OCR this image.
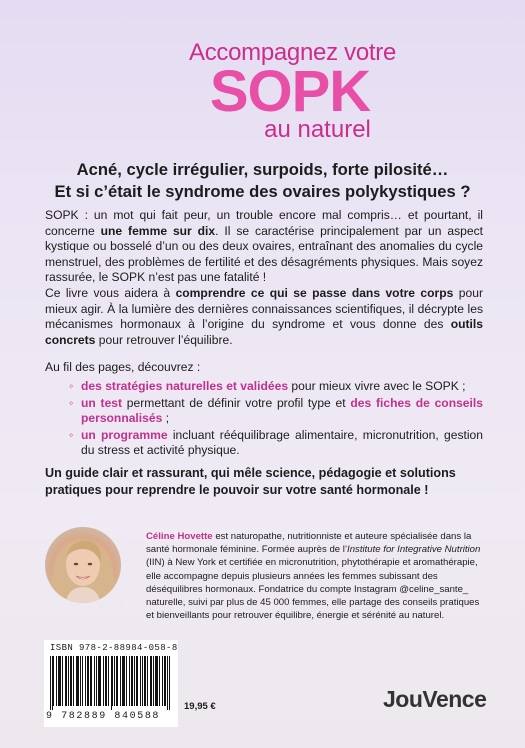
Accompagnez votre
SOPK
au naturel
Acné, cycle irrégulier, surpoids, forte pilosité…
Et si c’était le syndrome des ovaires polykystiques ?

SOPK : un mot qui fait peur, un trouble encore mal compris… et pourtant, il concerne une femme sur dix. Il se caractérise principalement par un aspect kystique ou bosselé d’un ou des deux ovaires, entraînant des anomalies du cycle menstruel, des problèmes de fertilité et des désagréments physiques. Mais soyez rassurée, le SOPK n’est pas une fatalité !

Ce livre vous aidera à comprendre ce qui se passe dans votre corps pour mieux agir. À la lumière des dernières connaissances scientifiques, il décrypte les mécanismes hormonaux à l’origine du syndrome et vous donne des outils concrets pour retrouver l’équilibre.

Au fil des pages, découvrez :

◦ des stratégies naturelles et validées pour mieux vivre avec le SOPK ;
◦ un test permettant de définir votre profil type et des fiches de conseils personnalisés ;
◦ un programme incluant rééquilibrage alimentaire, micronutrition, gestion du stress et activité physique.
Un guide clair et rassurant, qui mêle science, pédagogie et solutions pratiques pour reprendre le pouvoir sur votre santé hormonale !
Céline Hovette est naturopathe, nutritionniste et auteure spécialisée dans la santé hormonale féminine. Formée auprès de l’Institute for Integrative Nutrition (IIN) à New York et certifiée en micronutrition, phytothérapie et aromathérapie, elle accompagne depuis plusieurs années les femmes subissant des déséquilibres hormonaux. Fondatrice du compte Instagram @celine_sante_ naturelle, suivi par plus de 45 000 femmes, elle partage des conseils pratiques et bienveillants pour retrouver équilibre, énergie et sérénité au naturel.
ISBN 978-2-88984-058-8
9 782889 840588
19,95 €	JouVence
